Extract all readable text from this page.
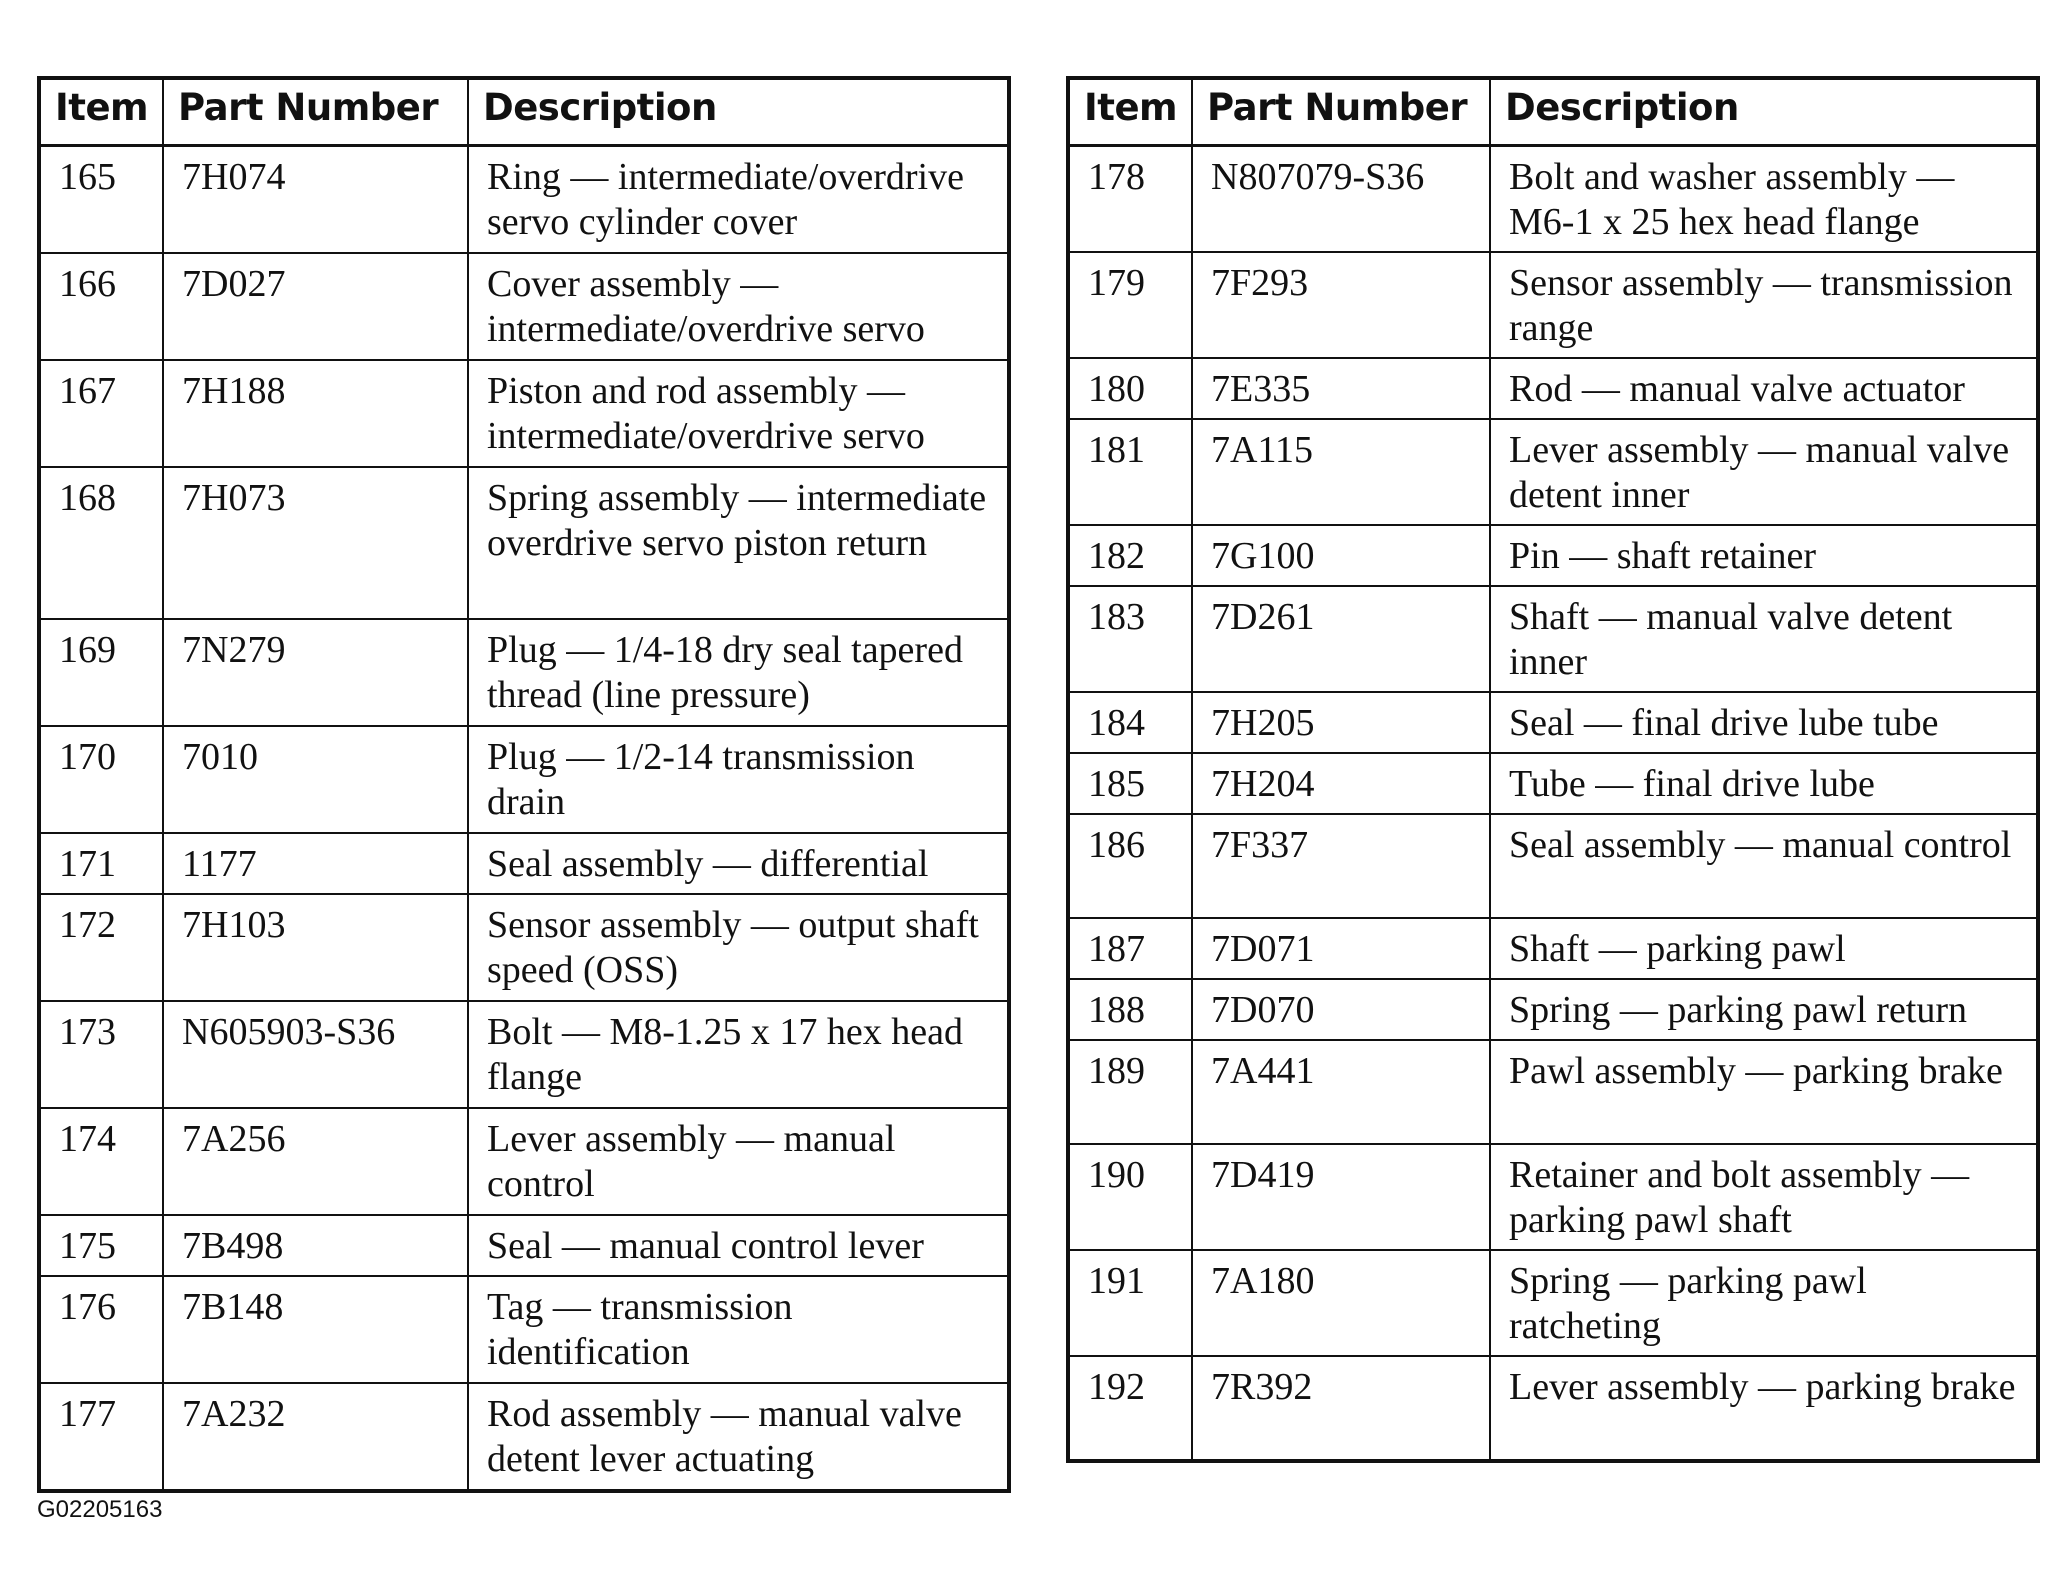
Item	Part Number	Description
165	7H074	Ring — intermediate/overdrive servo cylinder cover
166	7D027	Cover assembly — intermediate/overdrive servo
167	7H188	Piston and rod assembly — intermediate/overdrive servo
168	7H073	Spring assembly — intermediate overdrive servo piston return
169	7N279	Plug — 1/4-18 dry seal tapered thread (line pressure)
170	7010	Plug — 1/2-14 transmission drain
171	1177	Seal assembly — differential
172	7H103	Sensor assembly — output shaft speed (OSS)
173	N605903-S36	Bolt — M8-1.25 x 17 hex head flange
174	7A256	Lever assembly — manual control
175	7B498	Seal — manual control lever
176	7B148	Tag — transmission identification
177	7A232	Rod assembly — manual valve detent lever actuating
Item	Part Number	Description
178	N807079-S36	Bolt and washer assembly — M6-1 x 25 hex head flange
179	7F293	Sensor assembly — transmission range
180	7E335	Rod — manual valve actuator
181	7A115	Lever assembly — manual valve detent inner
182	7G100	Pin — shaft retainer
183	7D261	Shaft — manual valve detent inner
184	7H205	Seal — final drive lube tube
185	7H204	Tube — final drive lube
186	7F337	Seal assembly — manual control
187	7D071	Shaft — parking pawl
188	7D070	Spring — parking pawl return
189	7A441	Pawl assembly — parking brake
190	7D419	Retainer and bolt assembly — parking pawl shaft
191	7A180	Spring — parking pawl ratcheting
192	7R392	Lever assembly — parking brake
G02205163
